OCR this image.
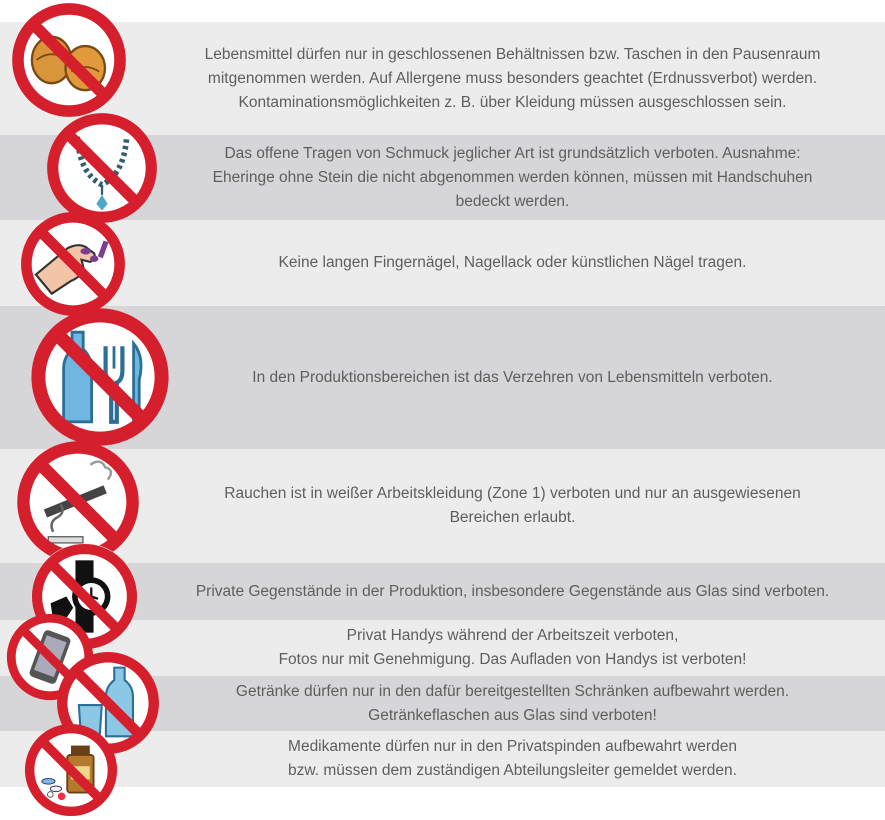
Lebensmittel dürfen nur in geschlossenen Behältnissen bzw. Taschen in den Pausenraum
mitgenommen werden. Auf Allergene muss besonders geachtet (Erdnussverbot) werden.
Kontaminationsmöglichkeiten z. B. über Kleidung müssen ausgeschlossen sein.
Das offene Tragen von Schmuck jeglicher Art ist grundsätzlich verboten. Ausnahme:
Eheringe ohne Stein die nicht abgenommen werden können, müssen mit Handschuhen
bedeckt werden.
Keine langen Fingernägel, Nagellack oder künstlichen Nägel tragen.
In den Produktionsbereichen ist das Verzehren von Lebensmitteln verboten.
Rauchen ist in weißer Arbeitskleidung (Zone 1) verboten und nur an ausgewiesenen
Bereichen erlaubt.
Private Gegenstände in der Produktion, insbesondere Gegenstände aus Glas sind verboten.
Privat Handys während der Arbeitszeit verboten,
Fotos nur mit Genehmigung. Das Aufladen von Handys ist verboten!
Getränke dürfen nur in den dafür bereitgestellten Schränken aufbewahrt werden.
Getränkeflaschen aus Glas sind verboten!
Medikamente dürfen nur in den Privatspinden aufbewahrt werden
bzw. müssen dem zuständigen Abteilungsleiter gemeldet werden.
